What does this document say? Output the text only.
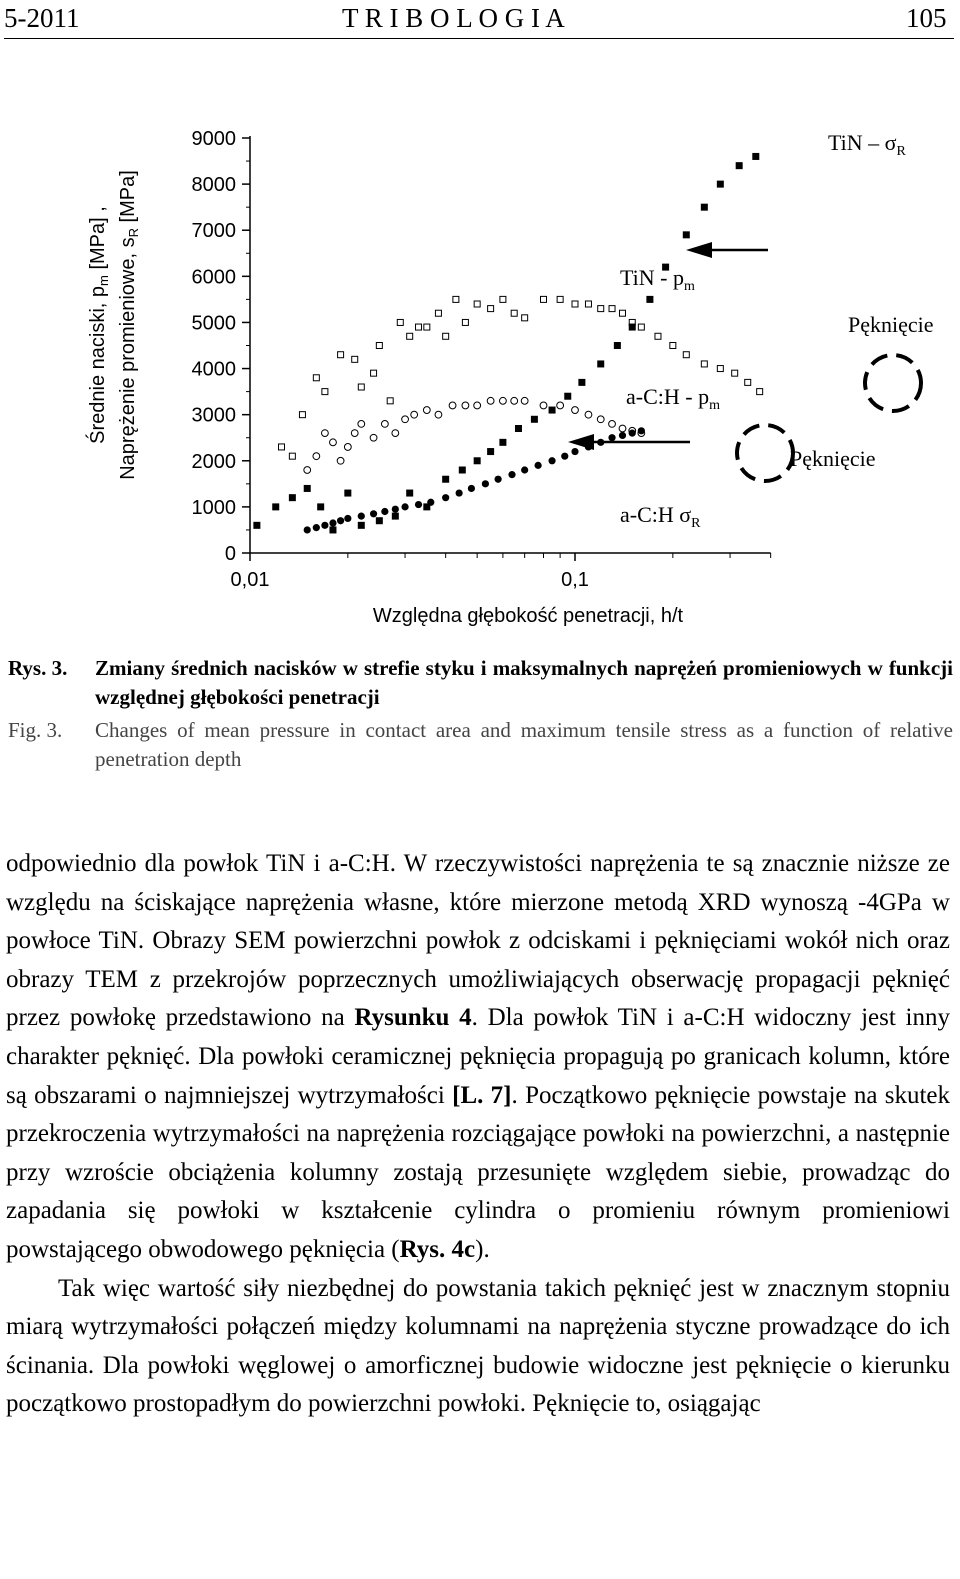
5-2011	T R I B O L O G I A	105
0
1000
2000
3000
4000
5000
6000
7000
8000
9000
0,01	0,1
Średnie naciski, $p_m$ [MPa] , Naprężenie promieniowe, $s_R$ [MPa]
Względna głębokość penetracji, h/t
TiN – $\sigma_R$
TiN - $p_m$
a-C:H - $p_m$
a-C:H $\sigma_R$
Pęknięcie
Pęknięcie
Rys. 3. Zmiany średnich nacisków w strefie styku i maksymalnych naprężeń promieniowych w funkcji względnej głębokości penetracji
Fig. 3. Changes of mean pressure in contact area and maximum tensile stress as a function of relative penetration depth

odpowiednio dla powłok TiN i a-C:H. W rzeczywistości naprężenia te są znacznie niższe ze względu na ściskające naprężenia własne, które mierzone metodą XRD wynoszą -4GPa w powłoce TiN. Obrazy SEM powierzchni powłok z odciskami i pęknięciami wokół nich oraz obrazy TEM z przekrojów poprzecznych umożliwiających obserwację propagacji pęknięć przez powłokę przedstawiono na Rysunku 4. Dla powłok TiN i a-C:H widoczny jest inny charakter pęknięć. Dla powłoki ceramicznej pęknięcia propagują po granicach kolumn, które są obszarami o najmniejszej wytrzymałości [L. 7]. Początkowo pęknięcie powstaje na skutek przekroczenia wytrzymałości na naprężenia rozciągające powłoki na powierzchni, a następnie przy wzroście obciążenia kolumny zostają przesunięte względem siebie, prowadząc do zapadania się powłoki w kształcenie cylindra o promieniu równym promieniowi powstającego obwodowego pęknięcia (Rys. 4c).

Tak więc wartość siły niezbędnej do powstania takich pęknięć jest w znacznym stopniu miarą wytrzymałości połączeń między kolumnami na naprężenia styczne prowadzące do ich ścinania. Dla powłoki węglowej o amorficznej budowie widoczne jest pęknięcie o kierunku początkowo prostopadłym do powierzchni powłoki. Pęknięcie to, osiągając
